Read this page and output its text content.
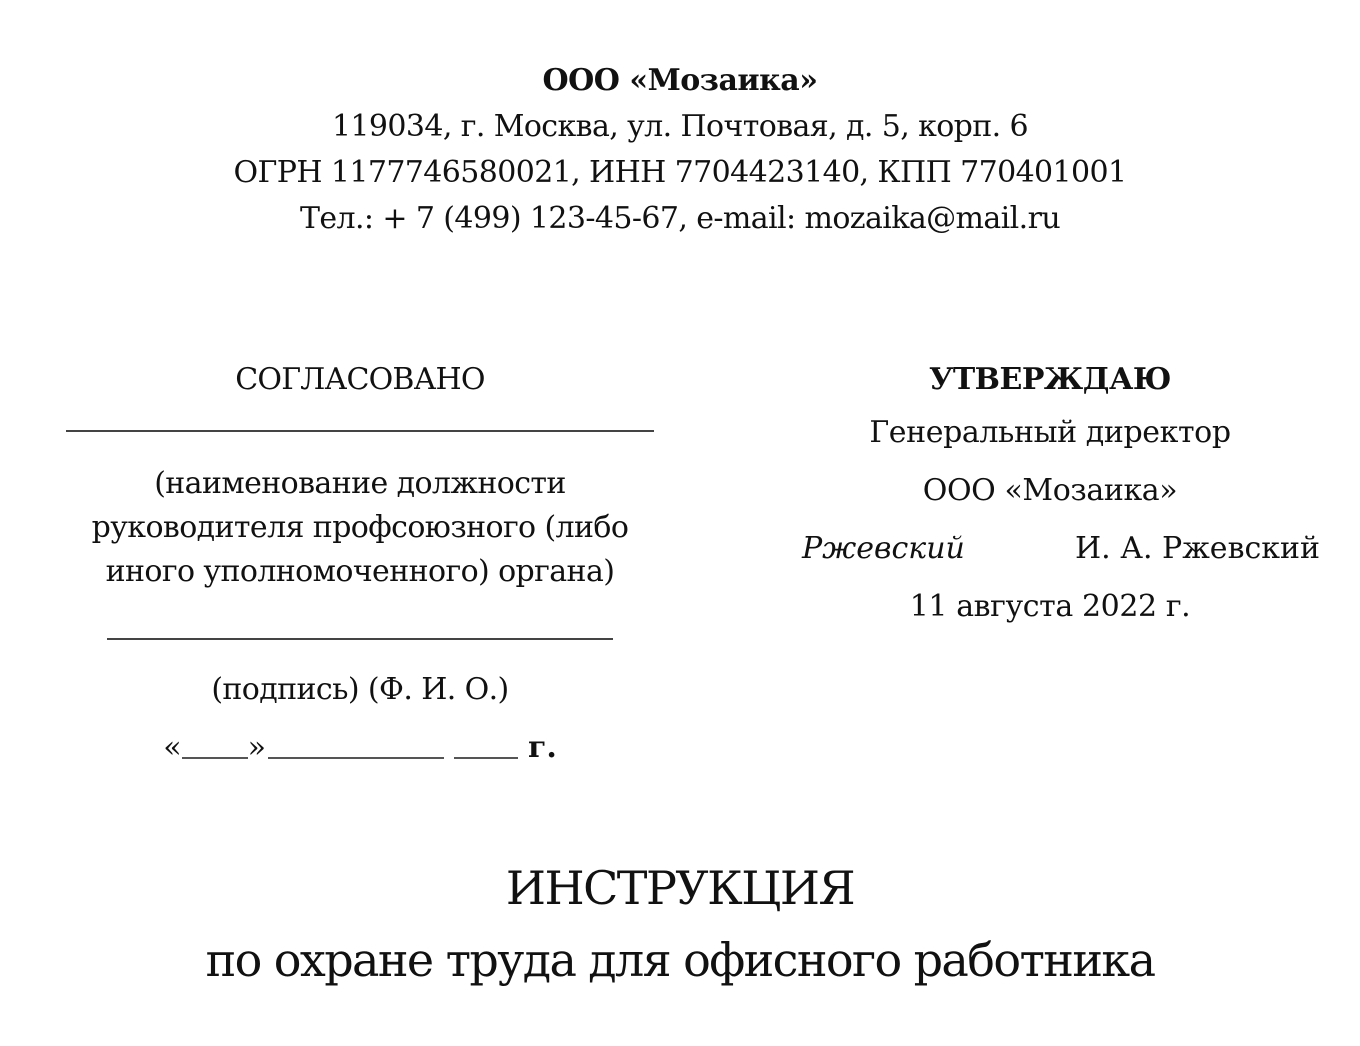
ООО «Мозаика»
119034, г. Москва, ул. Почтовая, д. 5, корп. 6
ОГРН 1177746580021, ИНН 7704423140, КПП 770401001
Тел.: + 7 (499) 123-45-67, e-mail: mozaika@mail.ru
СОГЛАСОВАНО
(наименование должности
руководителя профсоюзного (либо
иного уполномоченного) органа)
(подпись) (Ф. И. О.)
« »	г.
УТВЕРЖДАЮ
Генеральный директор
ООО «Мозаика»
Ржевский	И. А. Ржевский
11 августа 2022 г.
ИНСТРУКЦИЯ
по охране труда для офисного работника
